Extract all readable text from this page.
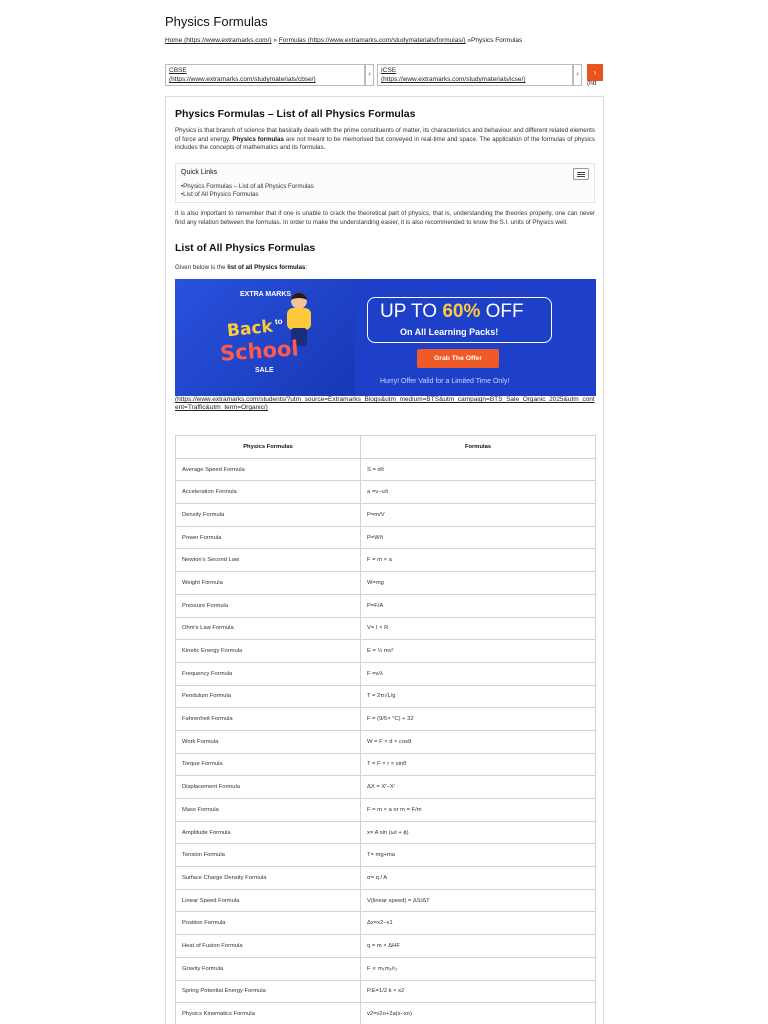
Physics Formulas
Home (https://www.extramarks.com/) » Formulas (https://www.extramarks.com/studymaterials/formulas/) »Physics Formulas
CBSE
(https://www.extramarks.com/studymaterials/cbse/)
›
ICSE
(https://www.extramarks.com/studymaterials/icse/)
›	›
(htt
Physics Formulas – List of all Physics Formulas

Physics is that branch of science that basically deals with the prime constituents of matter, its characteristics and behaviour and different related elements of force and energy. Physics formulas are not meant to be memorised but conveyed in real-time and space. The application of the formulas of physics includes the concepts of mathematics and its formulas.

Quick Links
•Physics Formulas – List of all Physics Formulas
•List of All Physics Formulas

It is also important to remember that if one is unable to crack the theoretical part of physics, that is, understanding the theories properly, one can never find any relation between the formulas. In order to make the understanding easier, it is also recommended to know the S.I. units of Physics well.

List of All Physics Formulas

Given below is the list of all Physics formulas:

EXTRA MARKS
Back to
School
SALE
UP TO 60% OFF
On All Learning Packs!
Grab The Offer
Hurry! Offer Valid for a Limited Time Only!
(https://www.extramarks.com/students/?utm_source=Extramarks_Blogs&utm_medium=BTS&utm_campaign=BTS_Sale_Organic_2025&utm_content=Traffic&utm_term=Organic/)
Physics Formulas	Formulas
Average Speed Formula	S = d/t
Acceleration Formula	a =v−u/t
Density Formula	P=m/V
Power Formula	P=W/t
Newton's Second Law	F = m × a
Weight Formula	W=mg
Pressure Formula	P=F/A
Ohm's Law Formula	V= I × R
Kinetic Energy Formula	E = ½ mv²
Frequency Formula	F =v/λ
Pendulum Formula	T = 2π√L/g
Fahrenheit Formula	F = (9/5× °C) + 32
Work Formula	W = F × d × cosθ
Torque Formula	T = F × r × sinθ
Displacement Formula	ΔX = Xᶠ−Xⁱ
Mass Formula	F = m × a or m = F/m
Amplitude Formula	x= A sin (ωt + ϕ)
Tension Formula	T= mg+ma
Surface Charge Density Formula	σ= q / A
Linear Speed Formula	V(linear speed) = ΔS/ΔT
Position Formula	Δx=x2−x1
Heat of Fusion Formula	q = m × ΔHF
Gravity Formula	F ∝ m₁m₂/r₂
Spring Potential Energy Formula	P.E=1/2 k × x2
Physics Kinematics Formula	v2=v2o+2a(x−xo)
